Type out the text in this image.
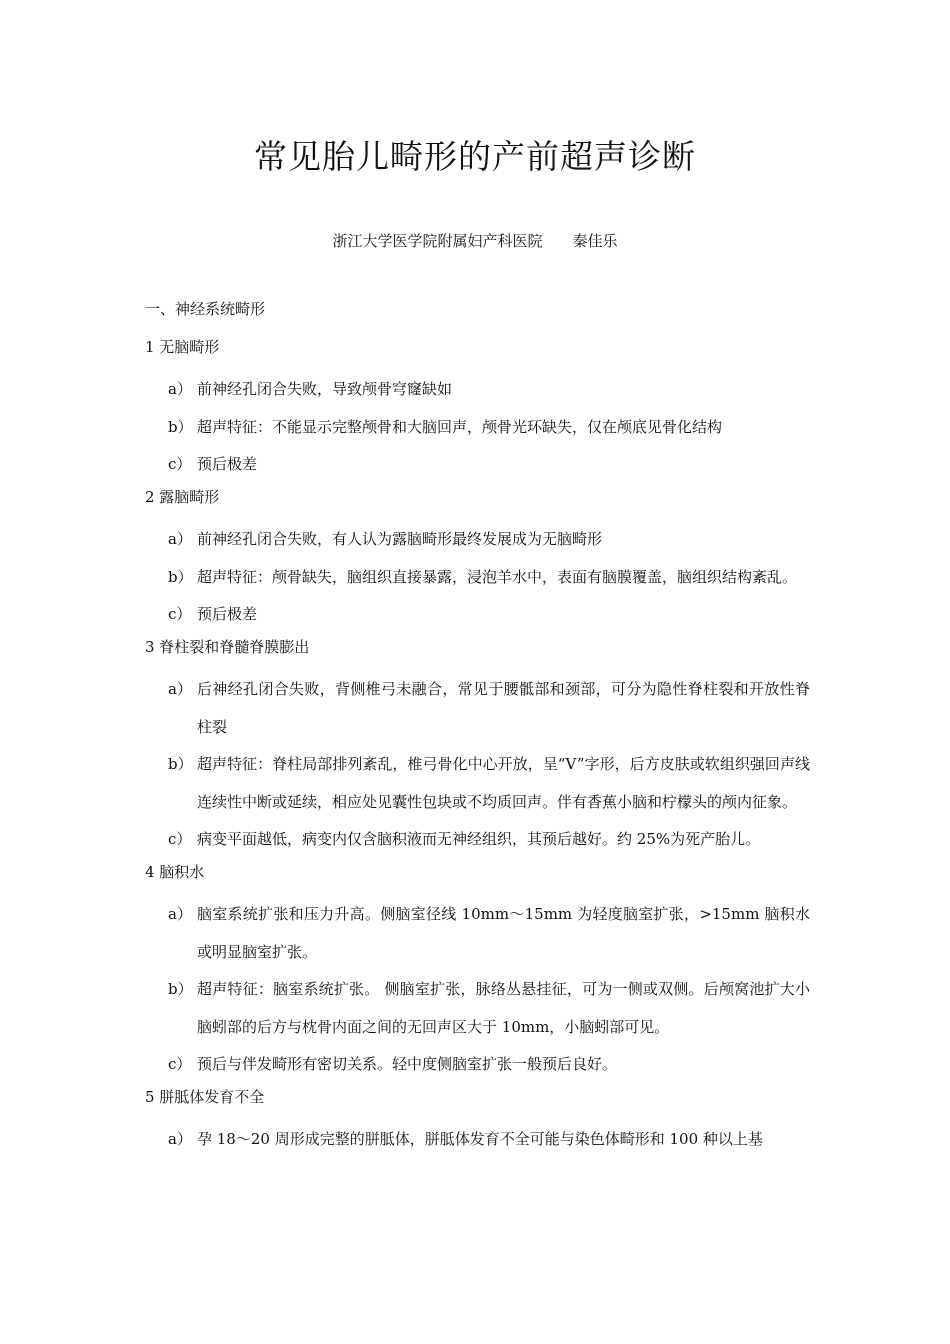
常见胎儿畸形的产前超声诊断
浙江大学医学院附属妇产科医院　　秦佳乐
一、神经系统畸形
1 无脑畸形
a） 前神经孔闭合失败，导致颅骨穹窿缺如
b） 超声特征：不能显示完整颅骨和大脑回声，颅骨光环缺失，仅在颅底见骨化结构
c） 预后极差
2 露脑畸形
a） 前神经孔闭合失败，有人认为露脑畸形最终发展成为无脑畸形
b） 超声特征：颅骨缺失，脑组织直接暴露，浸泡羊水中，表面有脑膜覆盖，脑组织结构紊乱。
c） 预后极差
3 脊柱裂和脊髓脊膜膨出
a） 后神经孔闭合失败，背侧椎弓未融合，常见于腰骶部和颈部，可分为隐性脊柱裂和开放性脊柱裂
b） 超声特征：脊柱局部排列紊乱，椎弓骨化中心开放，呈“V”字形，后方皮肤或软组织强回声线连续性中断或延续，相应处见囊性包块或不均质回声。伴有香蕉小脑和柠檬头的颅内征象。
c） 病变平面越低，病变内仅含脑积液而无神经组织，其预后越好。约 25%为死产胎儿。
4 脑积水
a） 脑室系统扩张和压力升高。侧脑室径线 10mm～15mm 为轻度脑室扩张，>15mm 脑积水或明显脑室扩张。
b） 超声特征：脑室系统扩张。 侧脑室扩张，脉络丛悬挂征，可为一侧或双侧。后颅窝池扩大小脑蚓部的后方与枕骨内面之间的无回声区大于 10mm，小脑蚓部可见。
c） 预后与伴发畸形有密切关系。轻中度侧脑室扩张一般预后良好。
5 胼胝体发育不全
a） 孕 18～20 周形成完整的胼胝体，胼胝体发育不全可能与染色体畸形和 100 种以上基
